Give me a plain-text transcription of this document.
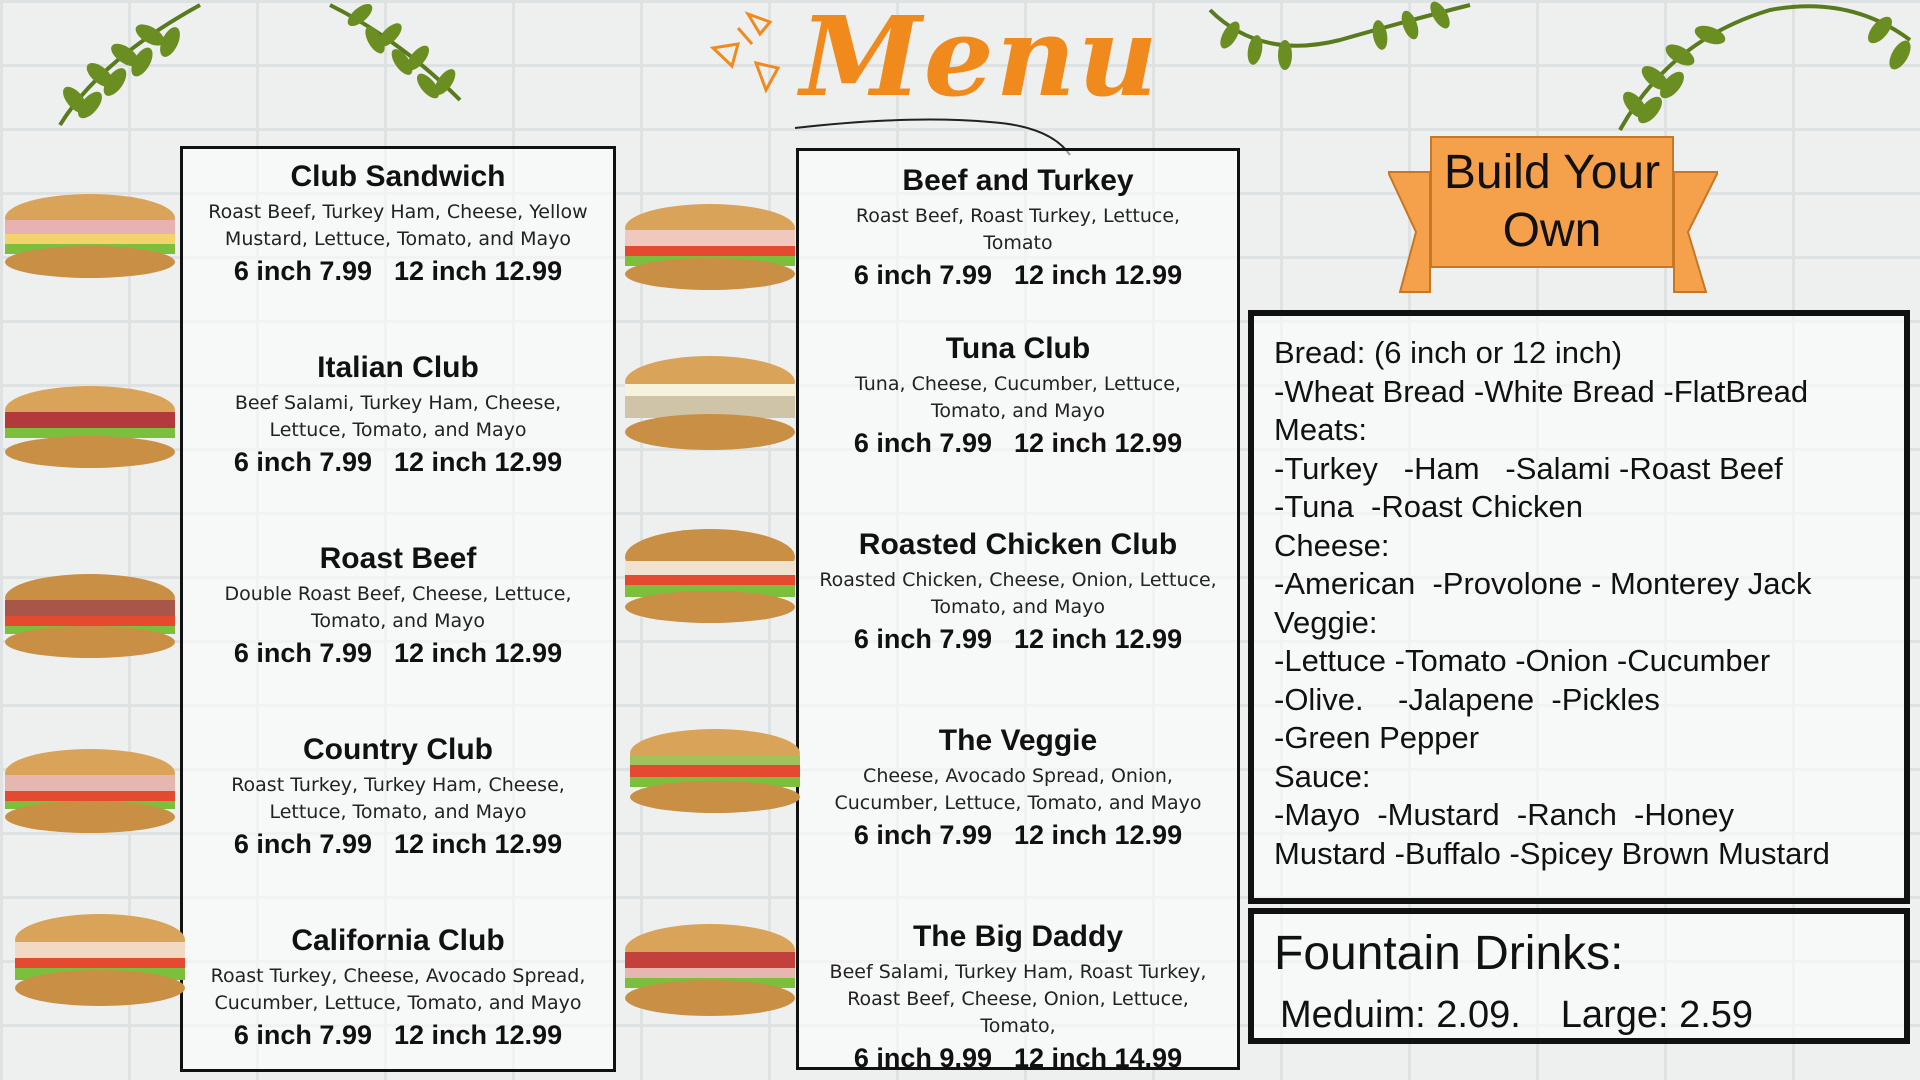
Menu

Club Sandwich

Roast Beef, Turkey Ham, Cheese, Yellow Mustard, Lettuce, Tomato, and Mayo

6 inch 7.99 12 inch 12.99

Italian Club

Beef Salami, Turkey Ham, Cheese, Lettuce, Tomato, and Mayo

6 inch 7.99 12 inch 12.99

Roast Beef

Double Roast Beef, Cheese, Lettuce, Tomato, and Mayo

6 inch 7.99 12 inch 12.99

Country Club

Roast Turkey, Turkey Ham, Cheese, Lettuce, Tomato, and Mayo

6 inch 7.99 12 inch 12.99

California Club

Roast Turkey, Cheese, Avocado Spread, Cucumber, Lettuce, Tomato, and Mayo

6 inch 7.99 12 inch 12.99

Beef and Turkey

Roast Beef, Roast Turkey, Lettuce, Tomato

6 inch 7.99 12 inch 12.99

Tuna Club

Tuna, Cheese, Cucumber, Lettuce, Tomato, and Mayo

6 inch 7.99 12 inch 12.99

Roasted Chicken Club

Roasted Chicken, Cheese, Onion, Lettuce, Tomato, and Mayo

6 inch 7.99 12 inch 12.99

The Veggie

Cheese, Avocado Spread, Onion, Cucumber, Lettuce, Tomato, and Mayo

6 inch 7.99 12 inch 12.99

The Big Daddy

Beef Salami, Turkey Ham, Roast Turkey, Roast Beef, Cheese, Onion, Lettuce, Tomato,

6 inch 9.99 12 inch 14.99
Build Your
Own
Bread: (6 inch or 12 inch)
-Wheat Bread -White Bread -FlatBread
Meats:
-Turkey   -Ham   -Salami -Roast Beef
-Tuna  -Roast Chicken
Cheese:
-American  -Provolone - Monterey Jack
Veggie:
-Lettuce -Tomato -Onion -Cucumber
-Olive.    -Jalapene  -Pickles
-Green Pepper
Sauce:
-Mayo  -Mustard  -Ranch  -Honey
Mustard -Buffalo -Spicey Brown Mustard
Fountain Drinks:
Meduim: 2.09. Large: 2.59
